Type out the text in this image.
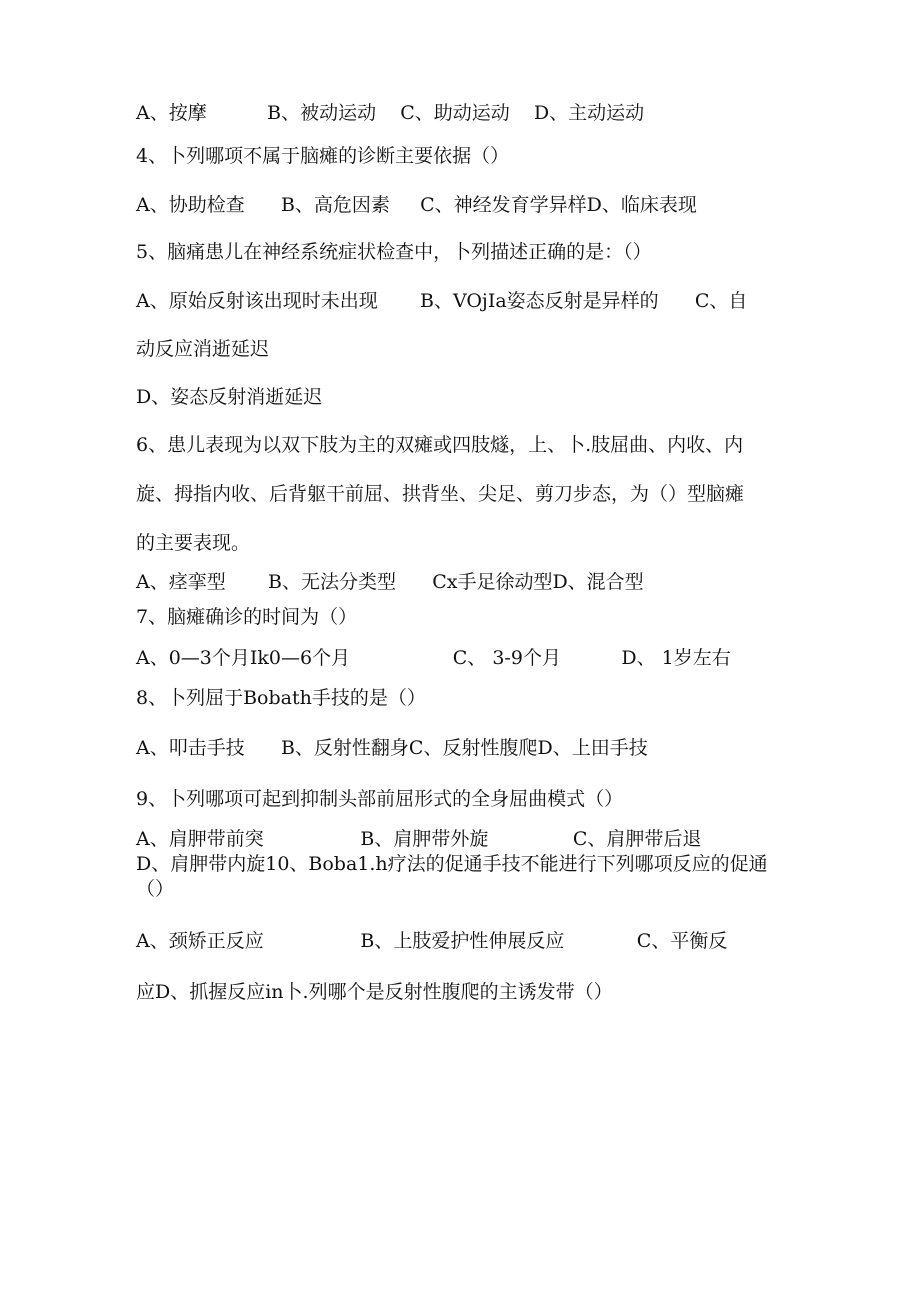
A、按摩          B、被动运动    C、助动运动    D、主动运动
4、卜列哪项不属于脑瘫的诊断主要依据（）
A、协助检查      B、高危因素     C、神经发育学异样D、临床表现
5、脑痛患儿在神经系统症状检查中，卜列描述正确的是：（）
A、原始反射该出现时未出现       B、VOjIa姿态反射是异样的      C、自
动反应消逝延迟
D、姿态反射消逝延迟
6、患儿表现为以双下肢为主的双瘫或四肢燧，上、卜.肢屈曲、内收、内
旋、拇指内收、后背躯干前屈、拱背坐、尖足、剪刀步态，为（）型脑瘫
的主要表现。
A、痉挛型       B、无法分类型      Cx手足徐动型D、混合型
7、脑瘫确诊的时间为（）
A、0—3个月Ik0—6个月                 C、 3-9个月          D、 1岁左右
8、卜列屈于Bobath手技的是（）
A、叩击手技      B、反射性翻身C、反射性腹爬D、上田手技
9、卜列哪项可起到抑制头部前屈形式的全身屈曲模式（）
A、肩胛带前突                B、肩胛带外旋              C、肩胛带后退
D、肩胛带内旋10、Boba1.h疗法的促通手技不能进行下列哪项反应的促通
（）
A、颈矫正反应                B、上肢爱护性伸展反应            C、平衡反
应D、抓握反应in卜.列哪个是反射性腹爬的主诱发带（）
